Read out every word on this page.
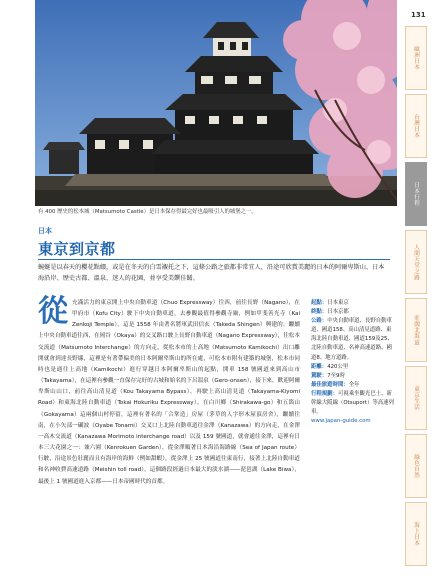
有 400 歷史的松本城（Matsumoto Castle）是日本保存得最完好也最吸引人的城堡之一。
日本
東京到京都
蜿蜒是以春天的櫻花點綴，或是在冬天的白雪襯托之下，這條公路之旅都非常宜人，沿途可欣賞美麗的日本的阿爾卑斯山、日本海沿岸、歷史古都、溫泉、迷人的花園，並享受美饌佳餚。
從 充滿活力的東京開上中央自動車道（Chuo Expressway）往西，前往長野（Nagano），在甲府市（Kofu City）駛下中央自動車道，去參觀最值得參觀寺廟，例如甲斐善光寺（Kai Zenkoji Temple），這是 1558 年由著名將軍武田信玄（Takeda Shingen）興建的。繼續上中央自動車道往西，在岡谷（Okaya）的交叉路口駛上長野自動車道（Nagano Expressway），往松本交流道（Matsumoto Interchange）的方向走，從松本市的上高地（Matsumoto Kamikochi）出口離開就會到達長野縣，這裡是有著帶偏美的日本阿爾卑斯山的所在處，可松本市附有建築的城堡，松本市同時也是通往上高地（Kamikochi）進行穿越日本阿爾卑斯山的起點，開車 158 號國道來到高山市（Takayama），在這裡有參觀一直保存完好的古城和始名的下呂溫泉（Gero-onsen），接下來，歡迎阿爾卑斯山山口，前往高山清見道（Kou Takayama Bypass），再駛上高山清見道（Takayama-Kiyomi Road）和東海北陸自動車道（Tokai Hokuriku Expressway），在白川鄉（Shirakawa-go）和五箇山（Gokayama）這兩個山村停留，這裡有著名的「合掌造」房屋（茅草的人字形木屋頂房舍），繼續往南，在小矢部一礪波（Oyabe Tonami）交叉口上北陸自動車道往金澤（Kanazawa）的方向走，在金澤一高木交流道（Kanazawa Morimoto interchange road）以及 159 號國道，就會通往金澤，這裡有日本三大花園之一：兼六園（Kenrokuen Garden），從金澤順著日本海沿海路線（Sea of Japan route）行駛，沿途景色壯麗而且有海岸的海鮮（例如甜蝦），從金澤上 25 號國道往東南行，接著上北陸自動車道和名神收費高速道路（Meishin toll road），這個路段經過日本最大的淡水湖——琵琶湖（Lake Biwa），最後上 1 號國道進入京都——日本帝國時代的首都。
起點：日本東京
終點：日本京都
公路：中央自動車道、長野自動車道、國道158、高山清見道路、東海北陸自動車道、國道159及25、北陸自動車道、名神高速道路、國道8、地方道路。
距離：420公里
駕駛：7至9時
最佳旅遊時間：全年
行程規劃：可視乘坐觀光巴士、新幹線大阪線（Otsuport）等高速列車。
www.japan-guide.com
131
歐洲日本
台灣日本
日本行程
人間天堂之路
壯闊北海道
東京生活
綠色自然
海上日本
